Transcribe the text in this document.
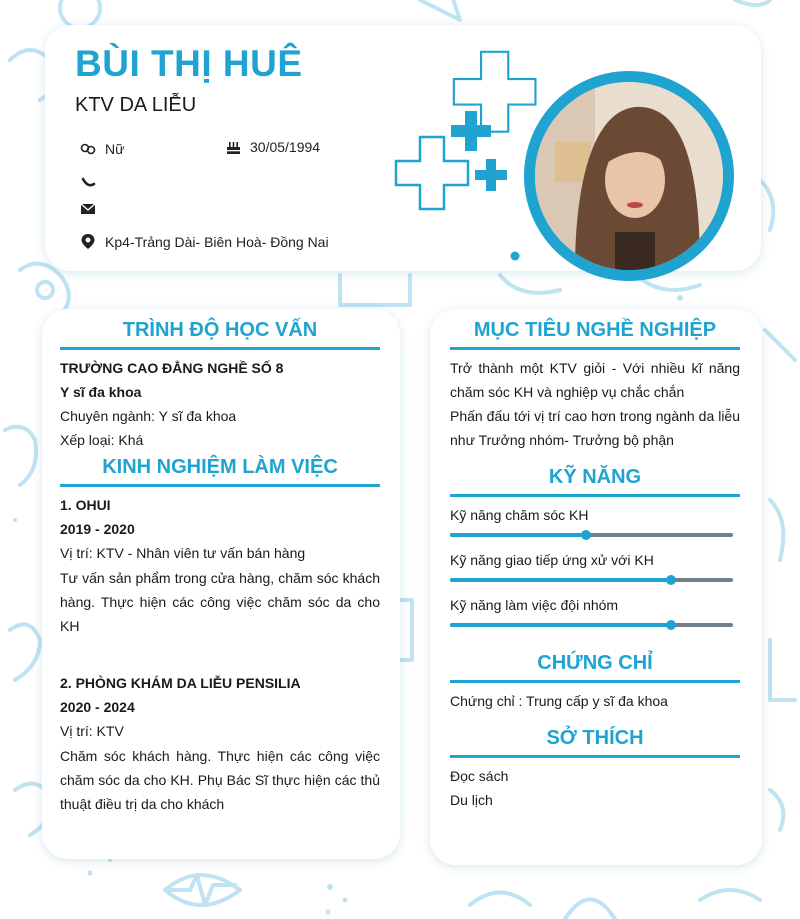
BÙI THỊ HUÊ
KTV DA LIỄU
Nữ	30/05/1994
Kp4-Trảng Dài- Biên Hoà- Đồng Nai
TRÌNH ĐỘ HỌC VẤN
TRƯỜNG CAO ĐẲNG NGHỀ SỐ 8
Y sĩ đa khoa
Chuyên ngành: Y sĩ đa khoa
Xếp loại: Khá
KINH NGHIỆM LÀM VIỆC
1. OHUI
2019 - 2020
Vị trí: KTV - Nhân viên tư vấn bán hàng
Tư vấn sản phẩm trong cửa hàng, chăm sóc khách hàng. Thực hiện các công việc chăm sóc da cho KH
2. PHÒNG KHÁM DA LIỄU PENSILIA
2020 - 2024
Vị trí: KTV
Chăm sóc khách hàng. Thực hiện các công việc chăm sóc da cho KH. Phụ Bác Sĩ thực hiện các thủ thuật điều trị da cho khách
MỤC TIÊU NGHỀ NGHIỆP
Trở thành một KTV giỏi - Với nhiều kĩ năng chăm sóc KH và nghiệp vụ chắc chắn
Phấn đấu tới vị trí cao hơn trong ngành da liễu như Trưởng nhóm- Trưởng bộ phận
KỸ NĂNG
Kỹ năng chăm sóc KH
Kỹ năng giao tiếp ứng xử với KH
Kỹ năng làm việc đội nhóm
CHỨNG CHỈ
Chứng chỉ : Trung cấp y sĩ đa khoa
SỞ THÍCH
Đọc sách
Du lịch
